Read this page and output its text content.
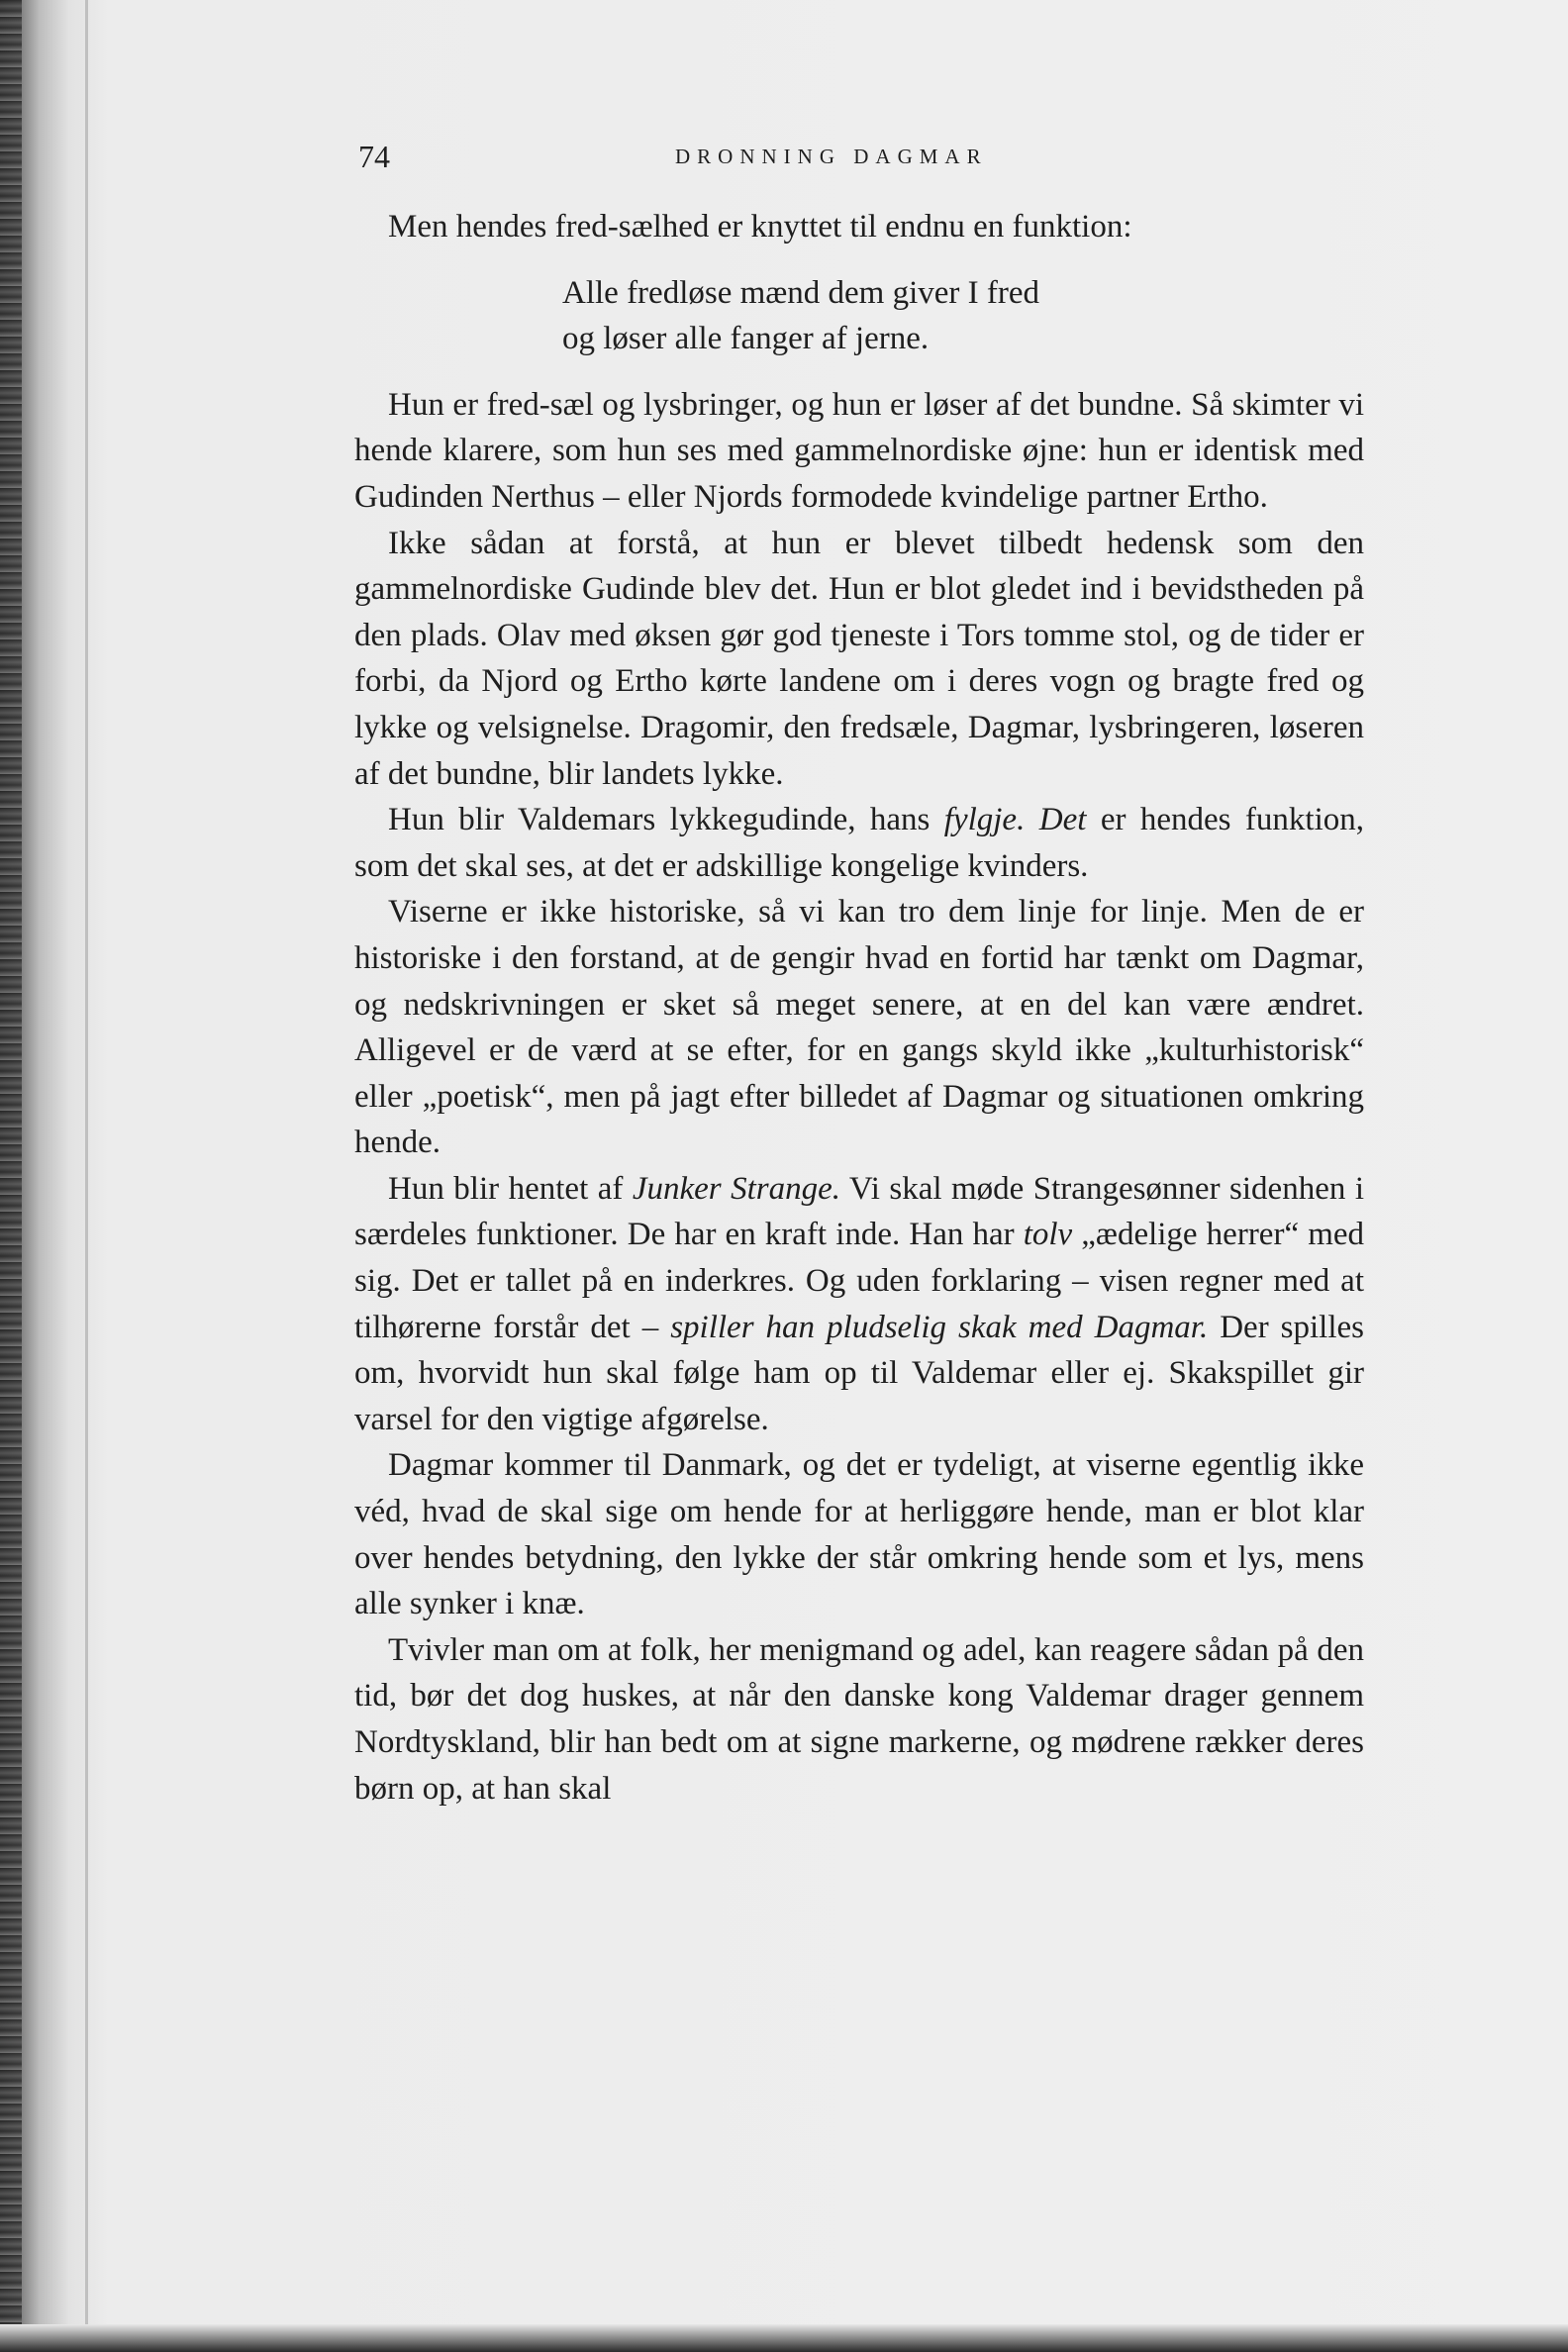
74	DRONNING DAGMAR

Men hendes fred-sælhed er knyttet til endnu en funktion:

Alle fredløse mænd dem giver I fred
og løser alle fanger af jerne.

Hun er fred-sæl og lysbringer, og hun er løser af det bundne. Så skimter vi hende klarere, som hun ses med gammelnordiske øjne: hun er identisk med Gudinden Nerthus – eller Njords formodede kvindelige partner Ertho.

Ikke sådan at forstå, at hun er blevet tilbedt hedensk som den gammelnordiske Gudinde blev det. Hun er blot gledet ind i bevidstheden på den plads. Olav med øksen gør god tjeneste i Tors tomme stol, og de tider er forbi, da Njord og Ertho kørte landene om i deres vogn og bragte fred og lykke og velsignelse. Dragomir, den fredsæle, Dagmar, lysbringeren, løseren af det bundne, blir landets lykke.

Hun blir Valdemars lykkegudinde, hans fylgje. Det er hendes funktion, som det skal ses, at det er adskillige kongelige kvinders.

Viserne er ikke historiske, så vi kan tro dem linje for linje. Men de er historiske i den forstand, at de gengir hvad en fortid har tænkt om Dagmar, og nedskrivningen er sket så meget senere, at en del kan være ændret. Alligevel er de værd at se efter, for en gangs skyld ikke „kulturhistorisk“ eller „poetisk“, men på jagt efter billedet af Dagmar og situationen omkring hende.

Hun blir hentet af Junker Strange. Vi skal møde Strangesønner sidenhen i særdeles funktioner. De har en kraft inde. Han har tolv „ædelige herrer“ med sig. Det er tallet på en inderkres. Og uden forklaring – visen regner med at tilhørerne forstår det – spiller han pludselig skak med Dagmar. Der spilles om, hvorvidt hun skal følge ham op til Valdemar eller ej. Skakspillet gir varsel for den vigtige afgørelse.

Dagmar kommer til Danmark, og det er tydeligt, at viserne egentlig ikke véd, hvad de skal sige om hende for at herliggøre hende, man er blot klar over hendes betydning, den lykke der står omkring hende som et lys, mens alle synker i knæ.

Tvivler man om at folk, her menigmand og adel, kan reagere sådan på den tid, bør det dog huskes, at når den danske kong Valdemar drager gennem Nordtyskland, blir han bedt om at signe markerne, og mødrene rækker deres børn op, at han skal
